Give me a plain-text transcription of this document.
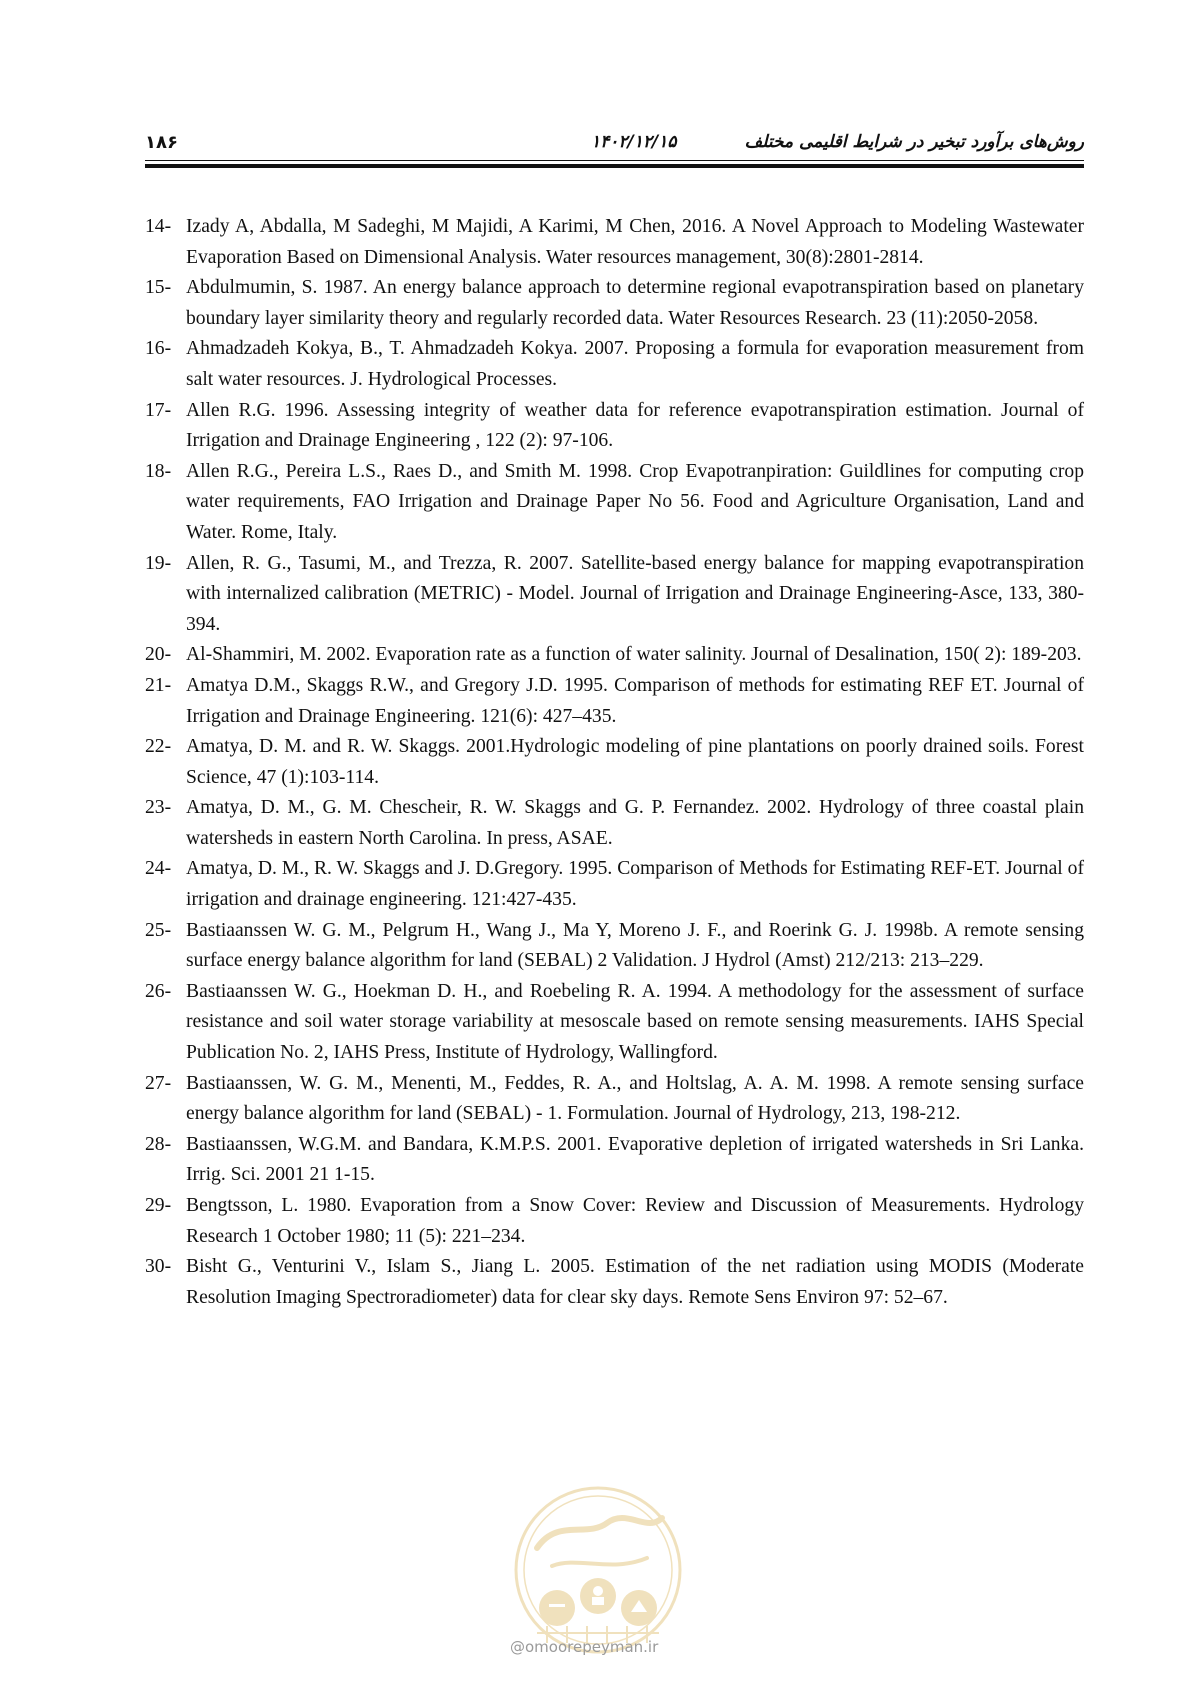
۱۸۶	۱۴۰۲/۱۲/۱۵	روش‌های برآورد تبخیر در شرایط اقلیمی مختلف
14- Izady A, Abdalla, M Sadeghi, M Majidi, A Karimi, M Chen, 2016. A Novel Approach to Modeling Wastewater Evaporation Based on Dimensional Analysis. Water resources management, 30(8):2801-2814.
15- Abdulmumin, S. 1987. An energy balance approach to determine regional evapotranspiration based on planetary boundary layer similarity theory and regularly recorded data. Water Resources Research. 23 (11):2050-2058.
16- Ahmadzadeh Kokya, B., T. Ahmadzadeh Kokya. 2007. Proposing a formula for evaporation measurement from salt water resources. J. Hydrological Processes.
17- Allen R.G. 1996. Assessing integrity of weather data for reference evapotranspiration estimation. Journal of Irrigation and Drainage Engineering , 122 (2): 97-106.
18- Allen R.G., Pereira L.S., Raes D., and Smith M. 1998. Crop Evapotranpiration: Guildlines for computing crop water requirements, FAO Irrigation and Drainage Paper No 56. Food and Agriculture Organisation, Land and Water. Rome, Italy.
19- Allen, R. G., Tasumi, M., and Trezza, R. 2007. Satellite-based energy balance for mapping evapotranspiration with internalized calibration (METRIC) - Model. Journal of Irrigation and Drainage Engineering-Asce, 133, 380-394.
20- Al-Shammiri, M. 2002. Evaporation rate as a function of water salinity. Journal of Desalination, 150( 2): 189-203.
21- Amatya D.M., Skaggs R.W., and Gregory J.D. 1995. Comparison of methods for estimating REF ET. Journal of Irrigation and Drainage Engineering. 121(6): 427–435.
22- Amatya, D. M. and R. W. Skaggs. 2001.Hydrologic modeling of pine plantations on poorly drained soils. Forest Science, 47 (1):103-114.
23- Amatya, D. M., G. M. Chescheir, R. W. Skaggs and G. P. Fernandez. 2002. Hydrology of three coastal plain watersheds in eastern North Carolina. In press, ASAE.
24- Amatya, D. M., R. W. Skaggs and J. D.Gregory. 1995. Comparison of Methods for Estimating REF-ET. Journal of irrigation and drainage engineering. 121:427-435.
25- Bastiaanssen W. G. M., Pelgrum H., Wang J., Ma Y, Moreno J. F., and Roerink G. J. 1998b. A remote sensing surface energy balance algorithm for land (SEBAL) 2 Validation. J Hydrol (Amst) 212/213: 213–229.
26- Bastiaanssen W. G., Hoekman D. H., and Roebeling R. A. 1994. A methodology for the assessment of surface resistance and soil water storage variability at mesoscale based on remote sensing measurements. IAHS Special Publication No. 2, IAHS Press, Institute of Hydrology, Wallingford.
27- Bastiaanssen, W. G. M., Menenti, M., Feddes, R. A., and Holtslag, A. A. M. 1998. A remote sensing surface energy balance algorithm for land (SEBAL) - 1. Formulation. Journal of Hydrology, 213, 198-212.
28- Bastiaanssen, W.G.M. and Bandara, K.M.P.S. 2001. Evaporative depletion of irrigated watersheds in Sri Lanka. Irrig. Sci. 2001 21 1-15.
29- Bengtsson, L. 1980. Evaporation from a Snow Cover: Review and Discussion of Measurements. Hydrology Research 1 October 1980; 11 (5): 221–234.
30- Bisht G., Venturini V., Islam S., Jiang L. 2005. Estimation of the net radiation using MODIS (Moderate Resolution Imaging Spectroradiometer) data for clear sky days. Remote Sens Environ 97: 52–67.
@omoorepeyman.ir
